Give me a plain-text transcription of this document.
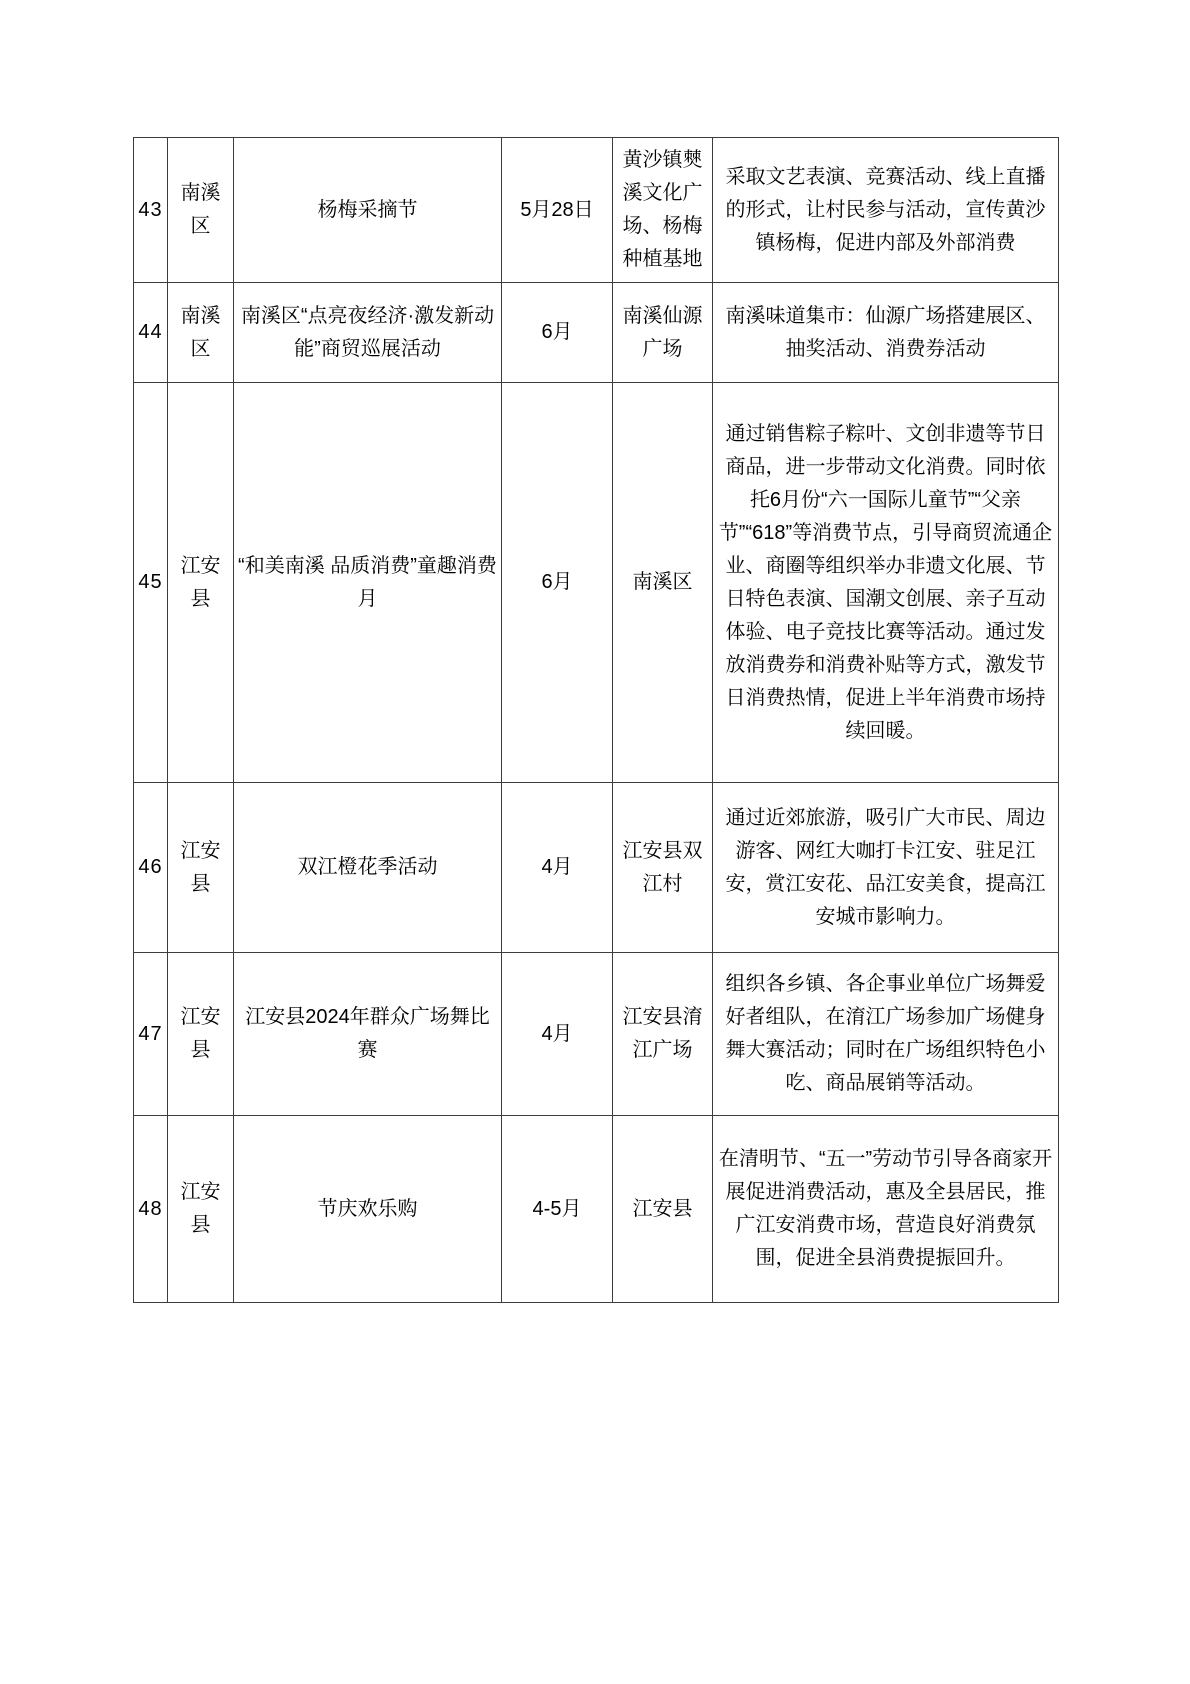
43	南溪区	杨梅采摘节	5月28日	黄沙镇僰溪文化广场、杨梅种植基地	采取文艺表演、竞赛活动、线上直播的形式，让村民参与活动，宣传黄沙镇杨梅，促进内部及外部消费
44	南溪区	南溪区“点亮夜经济·激发新动能”商贸巡展活动	6月	南溪仙源广场	南溪味道集市：仙源广场搭建展区、抽奖活动、消费券活动
45	江安县	“和美南溪 品质消费”童趣消费月	6月	南溪区	通过销售粽子粽叶、文创非遗等节日商品，进一步带动文化消费。同时依托6月份“六一国际儿童节”“父亲节”“618”等消费节点，引导商贸流通企业、商圈等组织举办非遗文化展、节日特色表演、国潮文创展、亲子互动体验、电子竞技比赛等活动。通过发放消费券和消费补贴等方式，激发节日消费热情，促进上半年消费市场持续回暖。
46	江安县	双江橙花季活动	4月	江安县双江村	通过近郊旅游，吸引广大市民、周边游客、网红大咖打卡江安、驻足江安，赏江安花、品江安美食，提高江安城市影响力。
47	江安县	江安县2024年群众广场舞比赛	4月	江安县淯江广场	组织各乡镇、各企事业单位广场舞爱好者组队，在淯江广场参加广场健身舞大赛活动；同时在广场组织特色小吃、商品展销等活动。
48	江安县	节庆欢乐购	4-5月	江安县	在清明节、“五一”劳动节引导各商家开展促进消费活动，惠及全县居民，推广江安消费市场，营造良好消费氛围，促进全县消费提振回升。
